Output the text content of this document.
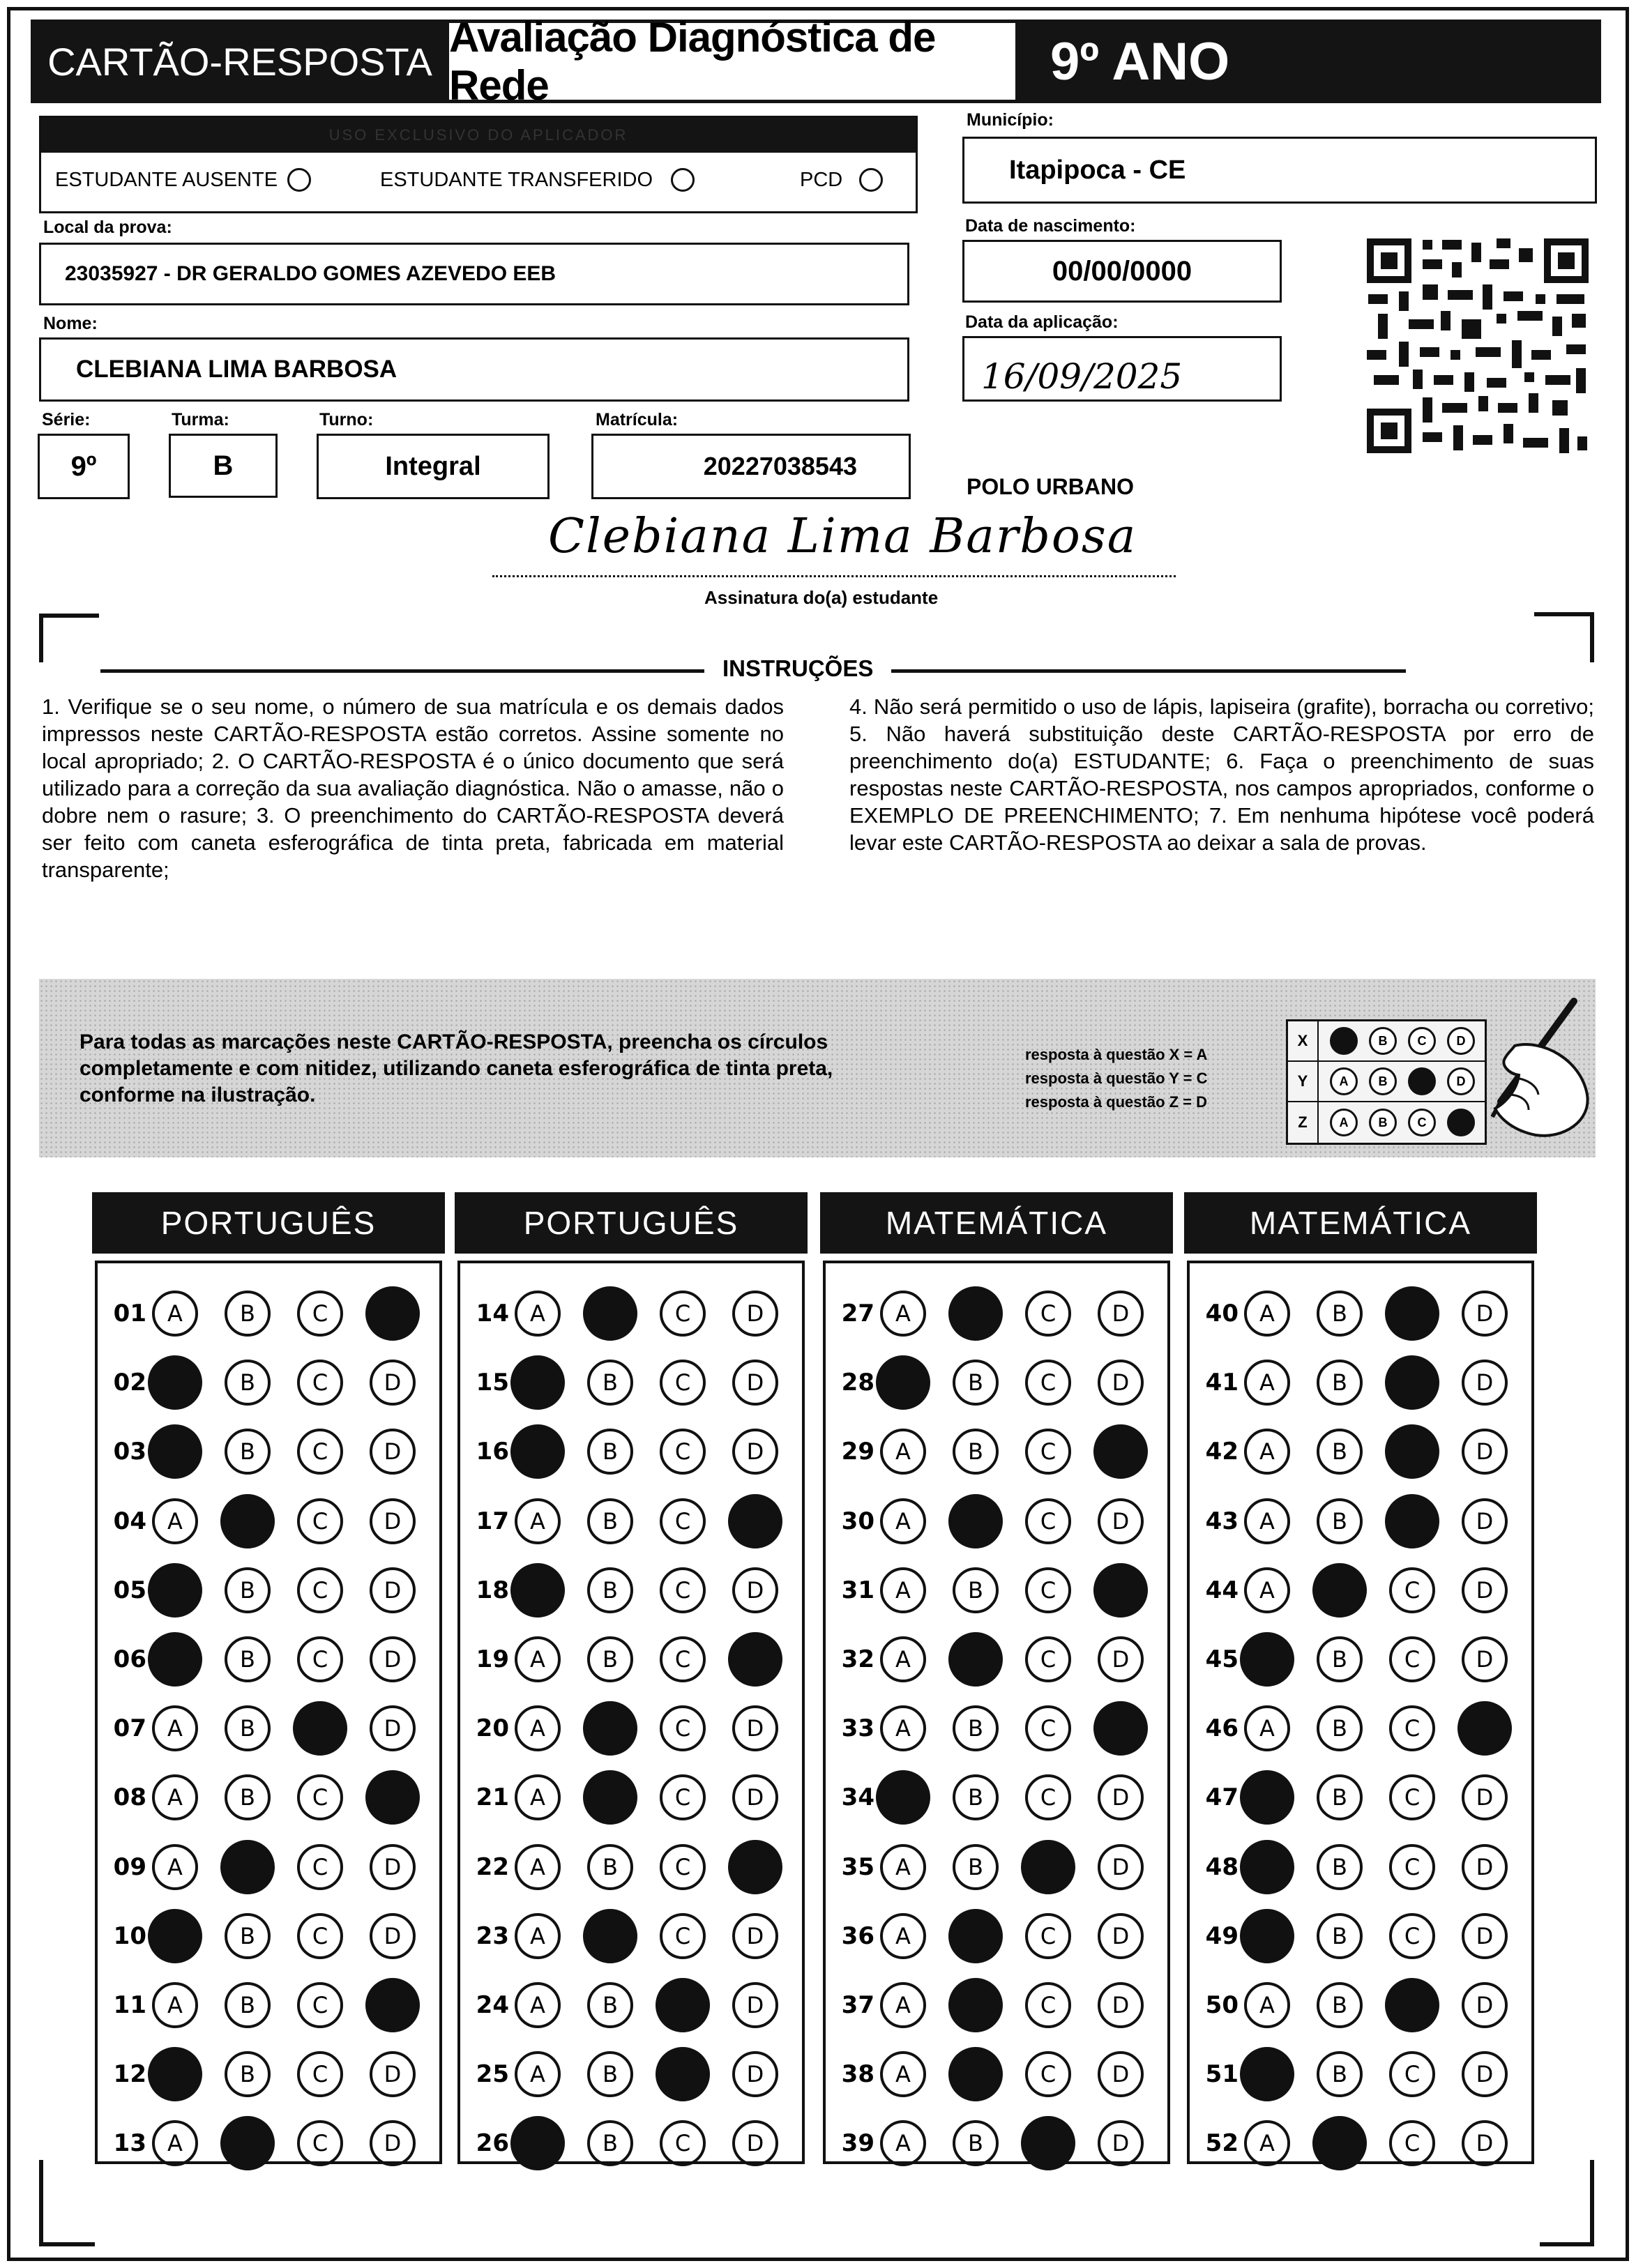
CARTÃO-RESPOSTA
Avaliação Diagnóstica de Rede	9º ANO
USO EXCLUSIVO DO APLICADOR
ESTUDANTE AUSENTE	ESTUDANTE TRANSFERIDO	PCD
Município:
Itapipoca - CE
Local da prova:
23035927 - DR GERALDO GOMES AZEVEDO EEB
Data de nascimento:
00/00/0000
Nome:
CLEBIANA LIMA BARBOSA
Data da aplicação:
16/09/2025
Série:
9º
Turma:
B
Turno:
Integral
Matrícula:
20227038543
POLO URBANO
Clebiana Lima Barbosa
Assinatura do(a) estudante
INSTRUÇÕES
1. Verifique se o seu nome, o número de sua matrícula e os demais dados impressos neste CARTÃO-RESPOSTA estão corretos. Assine somente no local apropriado; 2. O CARTÃO-RESPOSTA é o único documento que será utilizado para a correção da sua avaliação diagnóstica. Não o amasse, não o dobre nem o rasure; 3. O preenchimento do CARTÃO-RESPOSTA deverá ser feito com caneta esferográfica de tinta preta, fabricada em material transparente;
4. Não será permitido o uso de lápis, lapiseira (grafite), borracha ou corretivo; 5. Não haverá substituição deste CARTÃO-RESPOSTA por erro de preenchimento do(a) ESTUDANTE; 6. Faça o preenchimento de suas respostas neste CARTÃO-RESPOSTA, nos campos apropriados, conforme o EXEMPLO DE PREENCHIMENTO; 7. Em nenhuma hipótese você poderá levar este CARTÃO-RESPOSTA ao deixar a sala de provas.
Para todas as marcações neste CARTÃO-RESPOSTA, preencha os círculos completamente e com nitidez, utilizando caneta esferográfica de tinta preta, conforme na ilustração.
resposta à questão X = A
resposta à questão Y = C
resposta à questão Z = D
X	B	C	D
Y	A	B	D
Z	A	B	C
PORTUGUÊS
01 A	B	C
02	B	C	D
03	B	C	D
04 A	C	D
05	B	C	D
06	B	C	D
07 A	B	D
08 A	B	C
09 A	C	D
10	B	C	D
11 A	B	C
12	B	C	D
13 A	C	D
PORTUGUÊS
14 A	C	D
15	B	C	D
16	B	C	D
17 A	B	C
18	B	C	D
19 A	B	C
20 A	C	D
21 A	C	D
22 A	B	C
23 A	C	D
24 A	B	D
25 A	B	D
26	B	C	D
MATEMÁTICA
27 A	C	D
28	B	C	D
29 A	B	C
30 A	C	D
31 A	B	C
32 A	C	D
33 A	B	C
34	B	C	D
35 A	B	D
36 A	C	D
37 A	C	D
38 A	C	D
39 A	B	D
MATEMÁTICA
40 A	B	D
41 A	B	D
42 A	B	D
43 A	B	D
44 A	C	D
45	B	C	D
46 A	B	C
47	B	C	D
48	B	C	D
49	B	C	D
50 A	B	D
51	B	C	D
52 A	C	D
